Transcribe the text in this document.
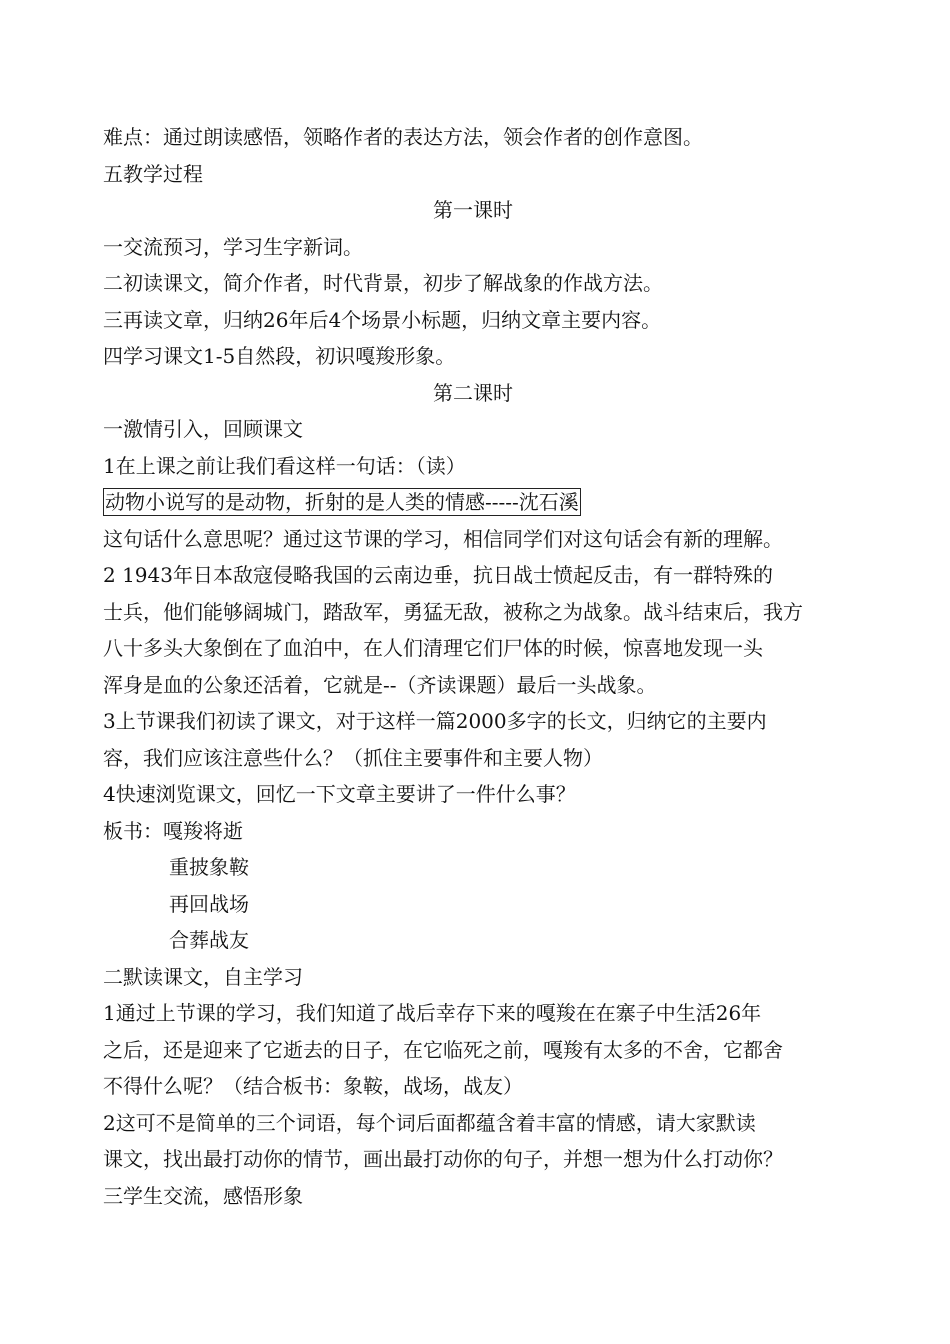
难点：通过朗读感悟，领略作者的表达方法，领会作者的创作意图。
五教学过程
第一课时
一交流预习，学习生字新词。
二初读课文，简介作者，时代背景，初步了解战象的作战方法。
三再读文章，归纳26年后4个场景小标题，归纳文章主要内容。
四学习课文1-5自然段，初识嘎羧形象。
第二课时
一激情引入，回顾课文
1在上课之前让我们看这样一句话：（读）
动物小说写的是动物，折射的是人类的情感-----沈石溪
这句话什么意思呢？通过这节课的学习，相信同学们对这句话会有新的理解。
2 1943年日本敌寇侵略我国的云南边垂，抗日战士愤起反击，有一群特殊的
士兵，他们能够阔城门，踏敌军，勇猛无敌，被称之为战象。战斗结束后，我方
八十多头大象倒在了血泊中，在人们清理它们尸体的时候，惊喜地发现一头
浑身是血的公象还活着，它就是--（齐读课题）最后一头战象。
3上节课我们初读了课文，对于这样一篇2000多字的长文，归纳它的主要内
容，我们应该注意些什么？（抓住主要事件和主要人物）
4快速浏览课文，回忆一下文章主要讲了一件什么事？
板书：嘎羧将逝
重披象鞍
再回战场
合葬战友
二默读课文，自主学习
1通过上节课的学习，我们知道了战后幸存下来的嘎羧在在寨子中生活26年
之后，还是迎来了它逝去的日子，在它临死之前，嘎羧有太多的不舍，它都舍
不得什么呢？（结合板书：象鞍，战场，战友）
2这可不是简单的三个词语，每个词后面都蕴含着丰富的情感，请大家默读
课文，找出最打动你的情节，画出最打动你的句子，并想一想为什么打动你？
三学生交流，感悟形象
